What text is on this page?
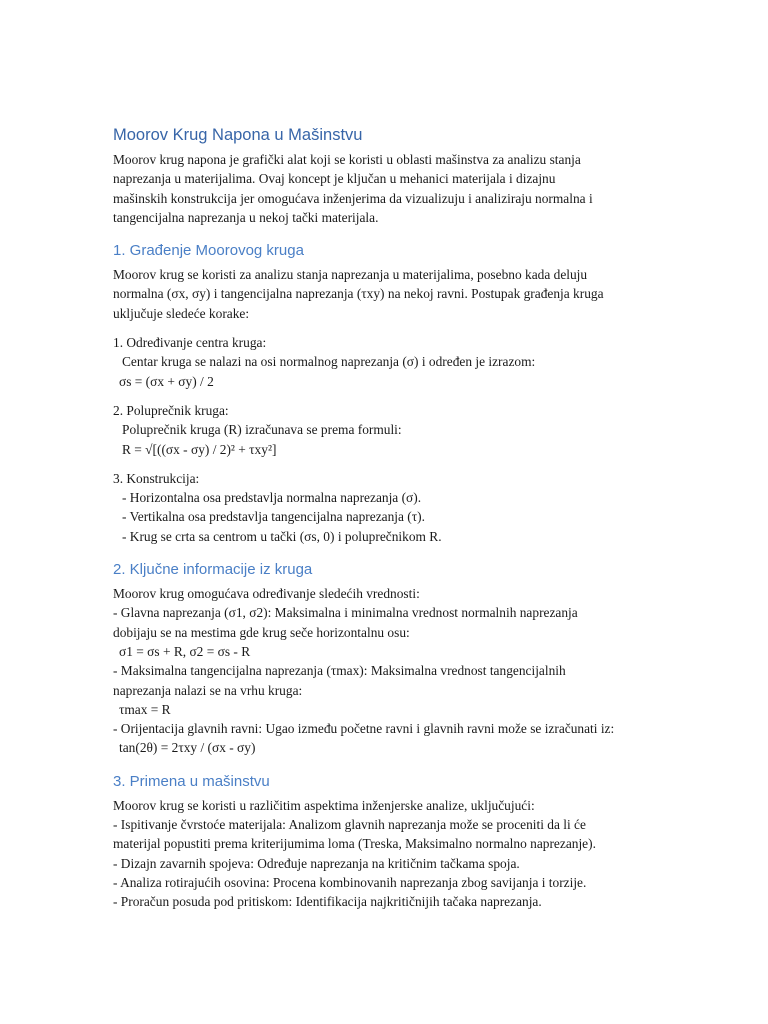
Moorov Krug Napona u Mašinstvu

Moorov krug napona je grafički alat koji se koristi u oblasti mašinstva za analizu stanja

naprezanja u materijalima. Ovaj koncept je ključan u mehanici materijala i dizajnu

mašinskih konstrukcija jer omogućava inženjerima da vizualizuju i analiziraju normalna i

tangencijalna naprezanja u nekoj tački materijala.

1. Građenje Moorovog kruga

Moorov krug se koristi za analizu stanja naprezanja u materijalima, posebno kada deluju

normalna (σx, σy) i tangencijalna naprezanja (τxy) na nekoj ravni. Postupak građenja kruga

uključuje sledeće korake:

1. Određivanje centra kruga:

Centar kruga se nalazi na osi normalnog naprezanja (σ) i određen je izrazom:

σs = (σx + σy) / 2

2. Poluprečnik kruga:

Poluprečnik kruga (R) izračunava se prema formuli:

R = √[((σx - σy) / 2)² + τxy²]

3. Konstrukcija:

- Horizontalna osa predstavlja normalna naprezanja (σ).

- Vertikalna osa predstavlja tangencijalna naprezanja (τ).

- Krug se crta sa centrom u tački (σs, 0) i poluprečnikom R.

2. Ključne informacije iz kruga

Moorov krug omogućava određivanje sledećih vrednosti:

- Glavna naprezanja (σ1, σ2): Maksimalna i minimalna vrednost normalnih naprezanja

dobijaju se na mestima gde krug seče horizontalnu osu:

σ1 = σs + R, σ2 = σs - R

- Maksimalna tangencijalna naprezanja (τmax): Maksimalna vrednost tangencijalnih

naprezanja nalazi se na vrhu kruga:

τmax = R

- Orijentacija glavnih ravni: Ugao između početne ravni i glavnih ravni može se izračunati iz:

tan(2θ) = 2τxy / (σx - σy)

3. Primena u mašinstvu

Moorov krug se koristi u različitim aspektima inženjerske analize, uključujući:

- Ispitivanje čvrstoće materijala: Analizom glavnih naprezanja može se proceniti da li će

materijal popustiti prema kriterijumima loma (Treska, Maksimalno normalno naprezanje).

- Dizajn zavarnih spojeva: Određuje naprezanja na kritičnim tačkama spoja.

- Analiza rotirajućih osovina: Procena kombinovanih naprezanja zbog savijanja i torzije.

- Proračun posuda pod pritiskom: Identifikacija najkritičnijih tačaka naprezanja.
